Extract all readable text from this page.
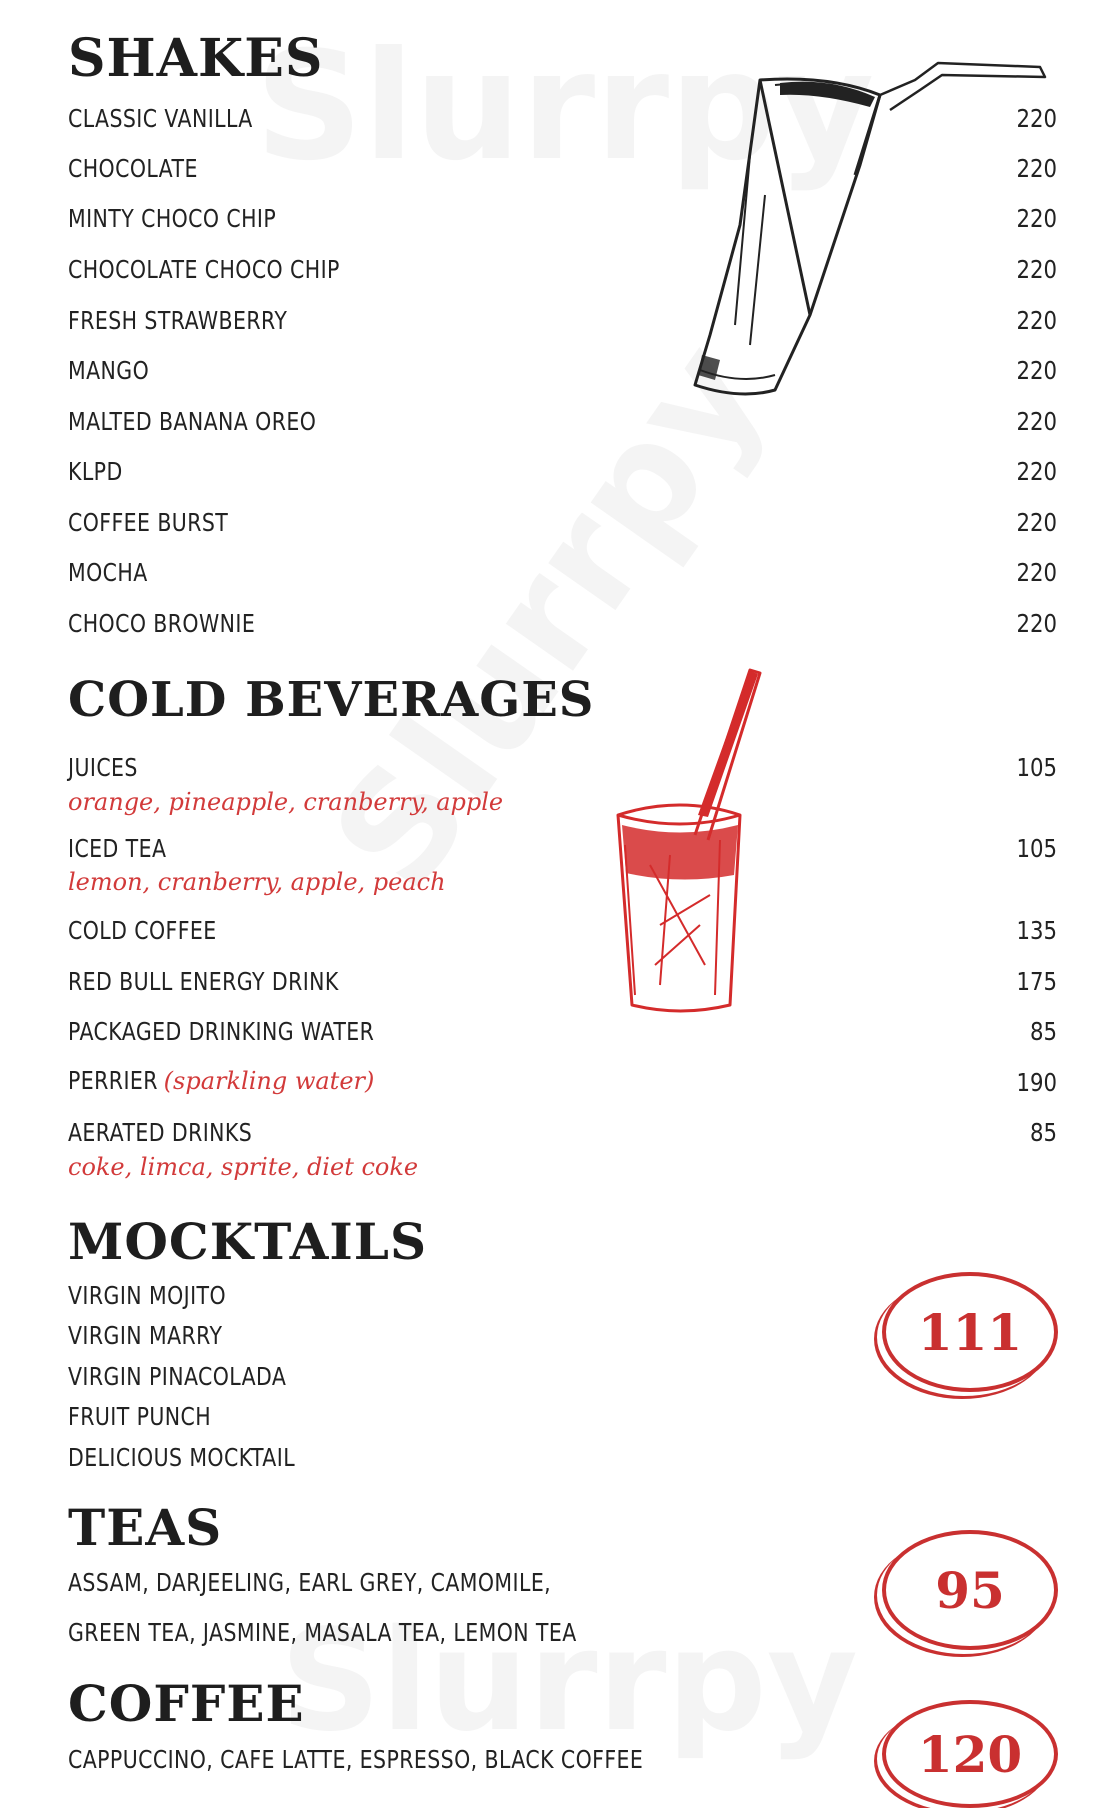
SHAKES
CLASSIC VANILLA	220
CHOCOLATE	220
MINTY CHOCO CHIP	220
CHOCOLATE CHOCO CHIP	220
FRESH STRAWBERRY	220
MANGO	220
MALTED BANANA OREO	220
KLPD	220
COFFEE BURST	220
MOCHA	220
CHOCO BROWNIE	220
COLD BEVERAGES
JUICES	105
orange, pineapple, cranberry, apple
ICED TEA	105
lemon, cranberry, apple, peach
COLD COFFEE	135
RED BULL ENERGY DRINK	175
PACKAGED DRINKING WATER	85
PERRIER (sparkling water)	190
AERATED DRINKS	85
coke, limca, sprite, diet coke
MOCKTAILS
VIRGIN MOJITO
VIRGIN MARRY
VIRGIN PINACOLADA
FRUIT PUNCH
DELICIOUS MOCKTAIL
111
TEAS
ASSAM, DARJEELING, EARL GREY, CAMOMILE,
GREEN TEA, JASMINE, MASALA TEA, LEMON TEA
95
COFFEE
CAPPUCCINO, CAFE LATTE, ESPRESSO, BLACK COFFEE	120
